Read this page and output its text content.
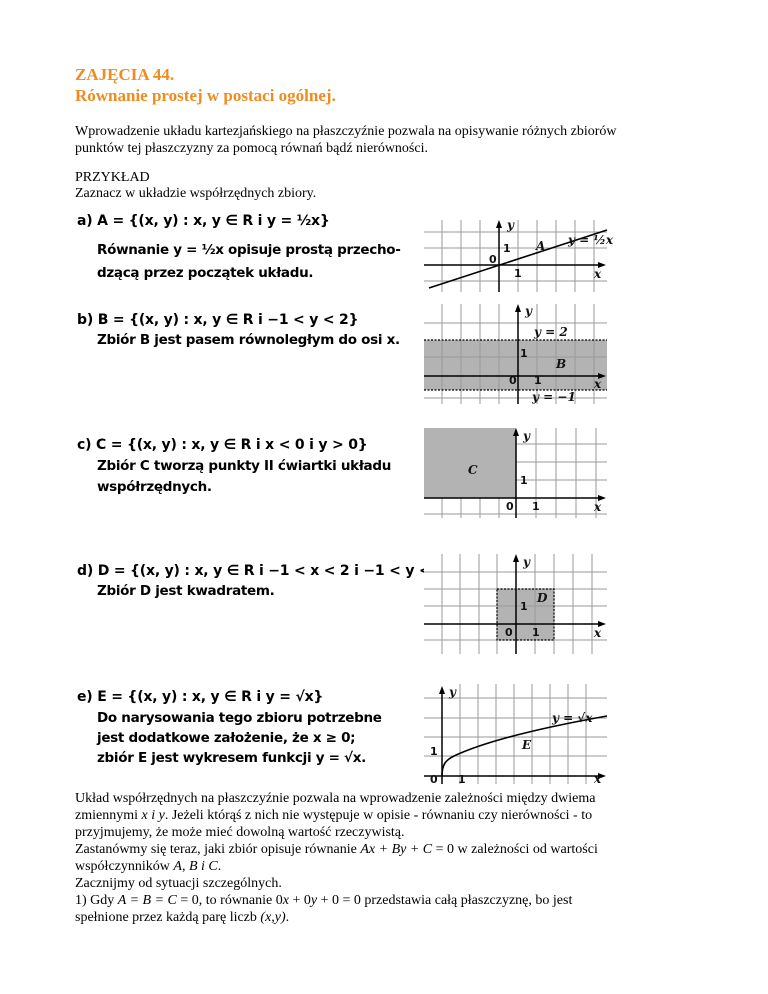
ZAJĘCIA 44.
Równanie prostej w postaci ogólnej.
Wprowadzenie układu kartezjańskiego na płaszczyźnie pozwala na opisywanie różnych zbiorów
punktów tej płaszczyzny za pomocą równań bądź nierówności.
PRZYKŁAD
Zaznacz w układzie współrzędnych zbiory.
a) A = {(x, y) : x, y ∈ R i y = ½x}
Równanie y = ½x opisuje prostą przecho-
dzącą przez początek układu.
b) B = {(x, y) : x, y ∈ R i −1 < y < 2}
Zbiór B jest pasem równoległym do osi x.
c) C = {(x, y) : x, y ∈ R i x < 0 i y > 0}
Zbiór C tworzą punkty II ćwiartki układu
współrzędnych.
d) D = {(x, y) : x, y ∈ R i −1 < x < 2 i −1 < y < 2}
Zbiór D jest kwadratem.
e) E = {(x, y) : x, y ∈ R i y = √x}
Do narysowania tego zbioru potrzebne
jest dodatkowe założenie, że x ≥ 0;
zbiór E jest wykresem funkcji y = √x.
y
x
0
1
1
A y = ½x
y
x
y = 2
1
B
0 1
y = −1
y
C
1
0 1	x
y
D
1
0 1	x
y
y = √x
E
1
0 1	x
Układ współrzędnych na płaszczyźnie pozwala na wprowadzenie zależności między dwiema
zmiennymi x i y. Jeżeli którąś z nich nie występuje w opisie - równaniu czy nierówności - to
przyjmujemy, że może mieć dowolną wartość rzeczywistą.
Zastanówmy się teraz, jaki zbiór opisuje równanie Ax + By + C = 0 w zależności od wartości
współczynników A, B i C.
Zacznijmy od sytuacji szczególnych.
1) Gdy A = B = C = 0, to równanie 0x + 0y + 0 = 0 przedstawia całą płaszczyznę, bo jest
spełnione przez każdą parę liczb (x,y).
